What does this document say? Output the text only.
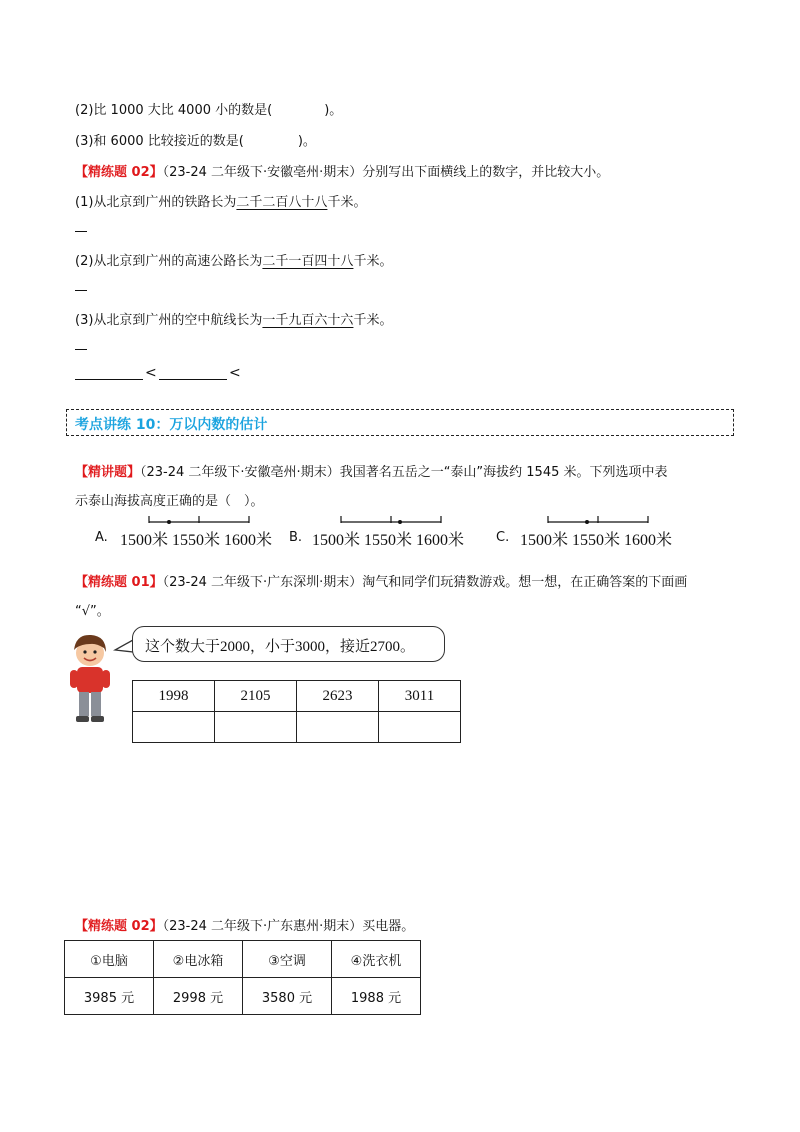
(2)比 1000 大比 4000 小的数是(	)。
(3)和 6000 比较接近的数是(	)。
【精练题 02】（23-24 二年级下·安徽亳州·期末）分别写出下面横线上的数字，并比较大小。
(1)从北京到广州的铁路长为二千二百八十八千米。
(2)从北京到广州的高速公路长为二千一百四十八千米。
(3)从北京到广州的空中航线长为一千九百六十六千米。
<	<
考点讲练 10：万以内数的估计
【精讲题】（23-24 二年级下·安徽亳州·期末）我国著名五岳之一“泰山”海拔约 1545 米。下列选项中表
示泰山海拔高度正确的是（　）。
A. 1500米 1550米 1600米 B. 1500米 1550米 1600米 C. 1500米 1550米 1600米
【精练题 01】（23-24 二年级下·广东深圳·期末）淘气和同学们玩猜数游戏。想一想，在正确答案的下面画
“√”。
这个数大于2000，小于3000，接近2700。
1998	2105	2623	3011

【精练题 02】（23-24 二年级下·广东惠州·期末）买电器。
①电脑	②电冰箱	③空调	④洗衣机
3985 元	2998 元	3580 元	1988 元
